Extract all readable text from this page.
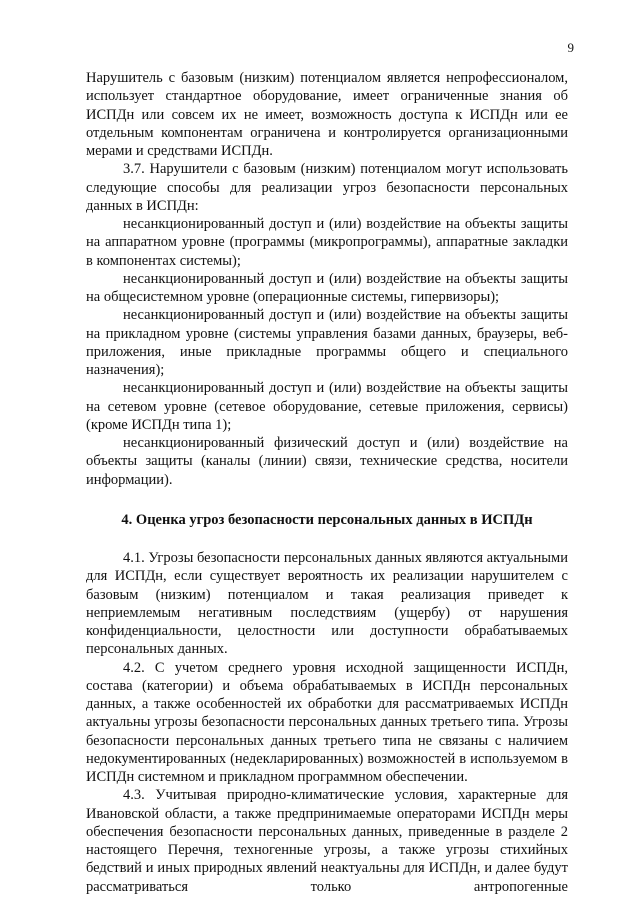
9

Нарушитель с базовым (низким) потенциалом является непрофессионалом, использует стандартное оборудование, имеет ограниченные знания об ИСПДн или совсем их не имеет, возможность доступа к ИСПДн или ее отдельным компонентам ограничена и контролируется организационными мерами и средствами ИСПДн.

3.7. Нарушители с базовым (низким) потенциалом могут использовать следующие способы для реализации угроз безопасности персональных данных в ИСПДн:

несанкционированный доступ и (или) воздействие на объекты защиты на аппаратном уровне (программы (микропрограммы), аппаратные закладки в компонентах системы);

несанкционированный доступ и (или) воздействие на объекты защиты на общесистемном уровне (операционные системы, гипервизоры);

несанкционированный доступ и (или) воздействие на объекты защиты на прикладном уровне (системы управления базами данных, браузеры, веб-приложения, иные прикладные программы общего и специального назначения);

несанкционированный доступ и (или) воздействие на объекты защиты на сетевом уровне (сетевое оборудование, сетевые приложения, сервисы) (кроме ИСПДн типа 1);

несанкционированный физический доступ и (или) воздействие на объекты защиты (каналы (линии) связи, технические средства, носители информации).

4. Оценка угроз безопасности персональных данных в ИСПДн

4.1. Угрозы безопасности персональных данных являются актуальными для ИСПДн, если существует вероятность их реализации нарушителем с базовым (низким) потенциалом и такая реализация приведет к неприемлемым негативным последствиям (ущербу) от нарушения конфиденциальности, целостности или доступности обрабатываемых персональных данных.

4.2. С учетом среднего уровня исходной защищенности ИСПДн, состава (категории) и объема обрабатываемых в ИСПДн персональных данных, а также особенностей их обработки для рассматриваемых ИСПДн актуальны угрозы безопасности персональных данных третьего типа. Угрозы безопасности персональных данных третьего типа не связаны с наличием недокументированных (недекларированных) возможностей в используемом в ИСПДн системном и прикладном программном обеспечении.

4.3. Учитывая природно-климатические условия, характерные для Ивановской области, а также предпринимаемые операторами ИСПДн меры обеспечения безопасности персональных данных, приведенные в разделе 2 настоящего Перечня, техногенные угрозы, а также угрозы стихийных бедствий и иных природных явлений неактуальны для ИСПДн, и далее будут рассматриваться только антропогенные
